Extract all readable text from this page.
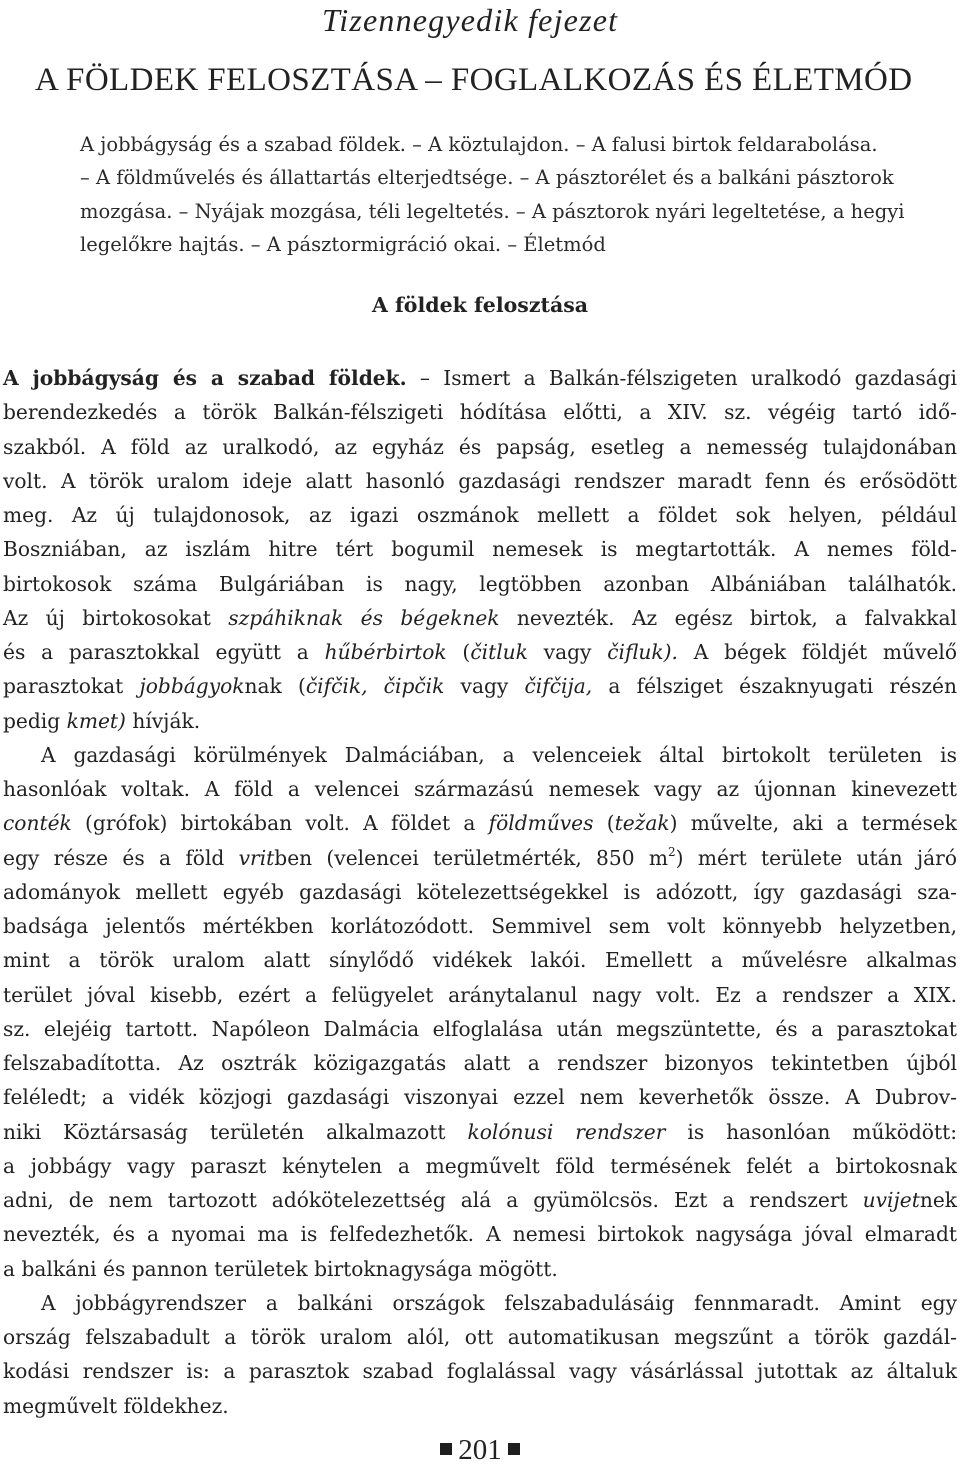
Tizennegyedik fejezet
A FÖLDEK FELOSZTÁSA – FOGLALKOZÁS ÉS ÉLETMÓD

A jobbágyság és a szabad földek. – A köztulajdon. – A falusi birtok feldarabolása.
– A földművelés és állattartás elterjedtsége. – A pásztorélet és a balkáni pásztorok
mozgása. – Nyájak mozgása, téli legeltetés. – A pásztorok nyári legeltetése, a hegyi
legelőkre hajtás. – A pásztormigráció okai. – Életmód

A földek felosztása
A jobbágyság és a szabad földek. – Ismert a Balkán-félszigeten uralkodó gazdasági
berendezkedés a török Balkán-félszigeti hódítása előtti, a XIV. sz. végéig tartó idő-
szakból. A föld az uralkodó, az egyház és papság, esetleg a nemesség tulajdonában
volt. A török uralom ideje alatt hasonló gazdasági rendszer maradt fenn és erősödött
meg. Az új tulajdonosok, az igazi oszmánok mellett a földet sok helyen, például
Boszniában, az iszlám hitre tért bogumil nemesek is megtartották. A nemes föld-
birtokosok száma Bulgáriában is nagy, legtöbben azonban Albániában találhatók.
Az új birtokosokat szpáhiknak és bégeknek nevezték. Az egész birtok, a falvakkal
és a parasztokkal együtt a hűbérbirtok (čitluk vagy čifluk). A bégek földjét művelő
parasztokat jobbágyoknak (čifčik, čipčik vagy čifčija, a félsziget északnyugati részén
pedig kmet) hívják.
A gazdasági körülmények Dalmáciában, a velenceiek által birtokolt területen is
hasonlóak voltak. A föld a velencei származású nemesek vagy az újonnan kinevezett
conték (grófok) birtokában volt. A földet a földműves (težak) művelte, aki a termések
egy része és a föld vritben (velencei területmérték, 850 $m^2$) mért területe után járó
adományok mellett egyéb gazdasági kötelezettségekkel is adózott, így gazdasági sza-
badsága jelentős mértékben korlátozódott. Semmivel sem volt könnyebb helyzetben,
mint a török uralom alatt sínylődő vidékek lakói. Emellett a művelésre alkalmas
terület jóval kisebb, ezért a felügyelet aránytalanul nagy volt. Ez a rendszer a XIX.
sz. elejéig tartott. Napóleon Dalmácia elfoglalása után megszüntette, és a parasztokat
felszabadította. Az osztrák közigazgatás alatt a rendszer bizonyos tekintetben újból
feléledt; a vidék közjogi gazdasági viszonyai ezzel nem keverhetők össze. A Dubrov-
niki Köztársaság területén alkalmazott kolónusi rendszer is hasonlóan működött:
a jobbágy vagy paraszt kénytelen a megművelt föld termésének felét a birtokosnak
adni, de nem tartozott adókötelezettség alá a gyümölcsös. Ezt a rendszert uvijetnek
nevezték, és a nyomai ma is felfedezhetők. A nemesi birtokok nagysága jóval elmaradt
a balkáni és pannon területek birtoknagysága mögött.
A jobbágyrendszer a balkáni országok felszabadulásáig fennmaradt. Amint egy
ország felszabadult a török uralom alól, ott automatikusan megszűnt a török gazdál-
kodási rendszer is: a parasztok szabad foglalással vagy vásárlással jutottak az általuk
megművelt földekhez.
201
